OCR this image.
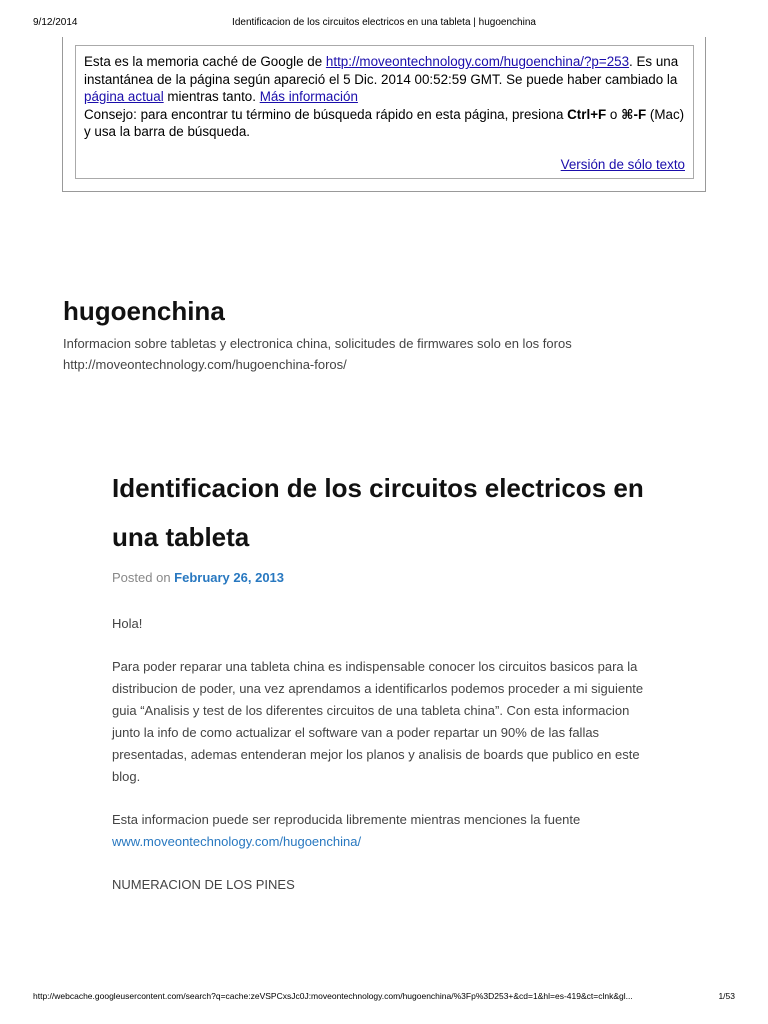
9/12/2014	Identificacion de los circuitos electricos en una tableta | hugoenchina
Esta es la memoria caché de Google de http://moveontechnology.com/hugoenchina/?p=253. Es una instantánea de la página según apareció el 5 Dic. 2014 00:52:59 GMT. Se puede haber cambiado la página actual mientras tanto. Más información
Consejo: para encontrar tu término de búsqueda rápido en esta página, presiona Ctrl+F o ⌘-F (Mac) y usa la barra de búsqueda.
Versión de sólo texto
hugoenchina
Informacion sobre tabletas y electronica china, solicitudes de firmwares solo en los foros http://moveontechnology.com/hugoenchina-foros/
Identificacion de los circuitos electricos en una tableta
Posted on February 26, 2013

Hola!

Para poder reparar una tableta china es indispensable conocer los circuitos basicos para la distribucion de poder, una vez aprendamos a identificarlos podemos proceder a mi siguiente guia “Analisis y test de los diferentes circuitos de una tableta china”. Con esta informacion junto la info de como actualizar el software van a poder repartar un 90% de las fallas presentadas, ademas entenderan mejor los planos y analisis de boards que publico en este blog.

Esta informacion puede ser reproducida libremente mientras menciones la fuente
www.moveontechnology.com/hugoenchina/

NUMERACION DE LOS PINES

http://webcache.googleusercontent.com/search?q=cache:zeVSPCxsJc0J:moveontechnology.com/hugoenchina/%3Fp%3D253+&cd=1&hl=es-419&ct=clnk&gl...	1/53
